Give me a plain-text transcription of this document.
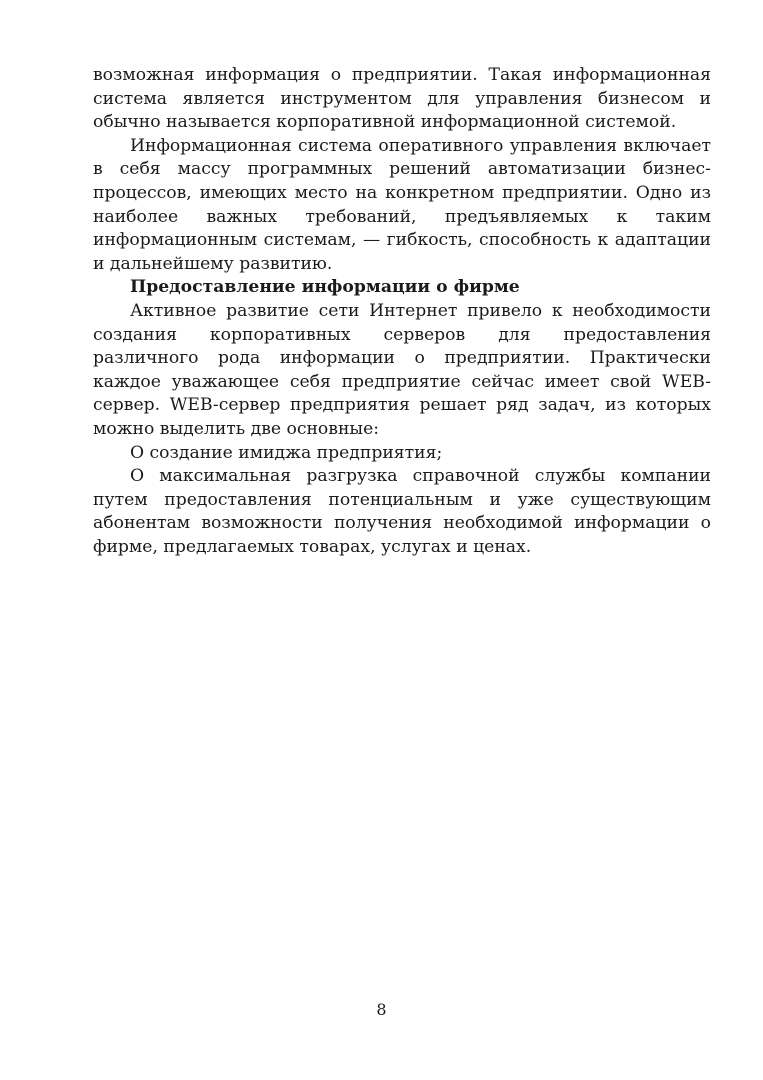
возможная информация о предприятии. Такая информационная система является инструментом для управления бизнесом и обычно называется корпоративной информационной системой.

Информационная система оперативного управления включает в себя массу программных решений автоматизации бизнес-процессов, имеющих место на конкретном предприятии. Одно из наиболее важных требований, предъявляемых к таким информационным системам, — гибкость, способность к адаптации и дальнейшему развитию.

Предоставление информации о фирме

Активное развитие сети Интернет привело к необходимости создания корпоративных серверов для предоставления различного рода информации о предприятии. Практически каждое уважающее себя предприятие сейчас имеет свой WEB-сервер. WEB-сервер предприятия решает ряд задач, из которых можно выделить две основные:

О создание имиджа предприятия;

О максимальная разгрузка справочной службы компании путем предоставления потенциальным и уже существующим абонентам возможности получения необходимой информации о фирме, предлагаемых товарах, услугах и ценах.

8
